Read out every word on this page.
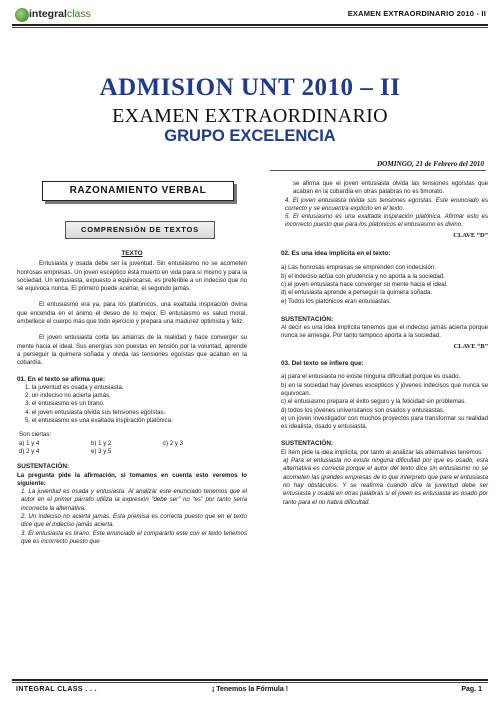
integralclass	EXAMEN EXTRAORDINARIO 2010 - II
ADMISION UNT 2010 – II
EXAMEN EXTRAORDINARIO
GRUPO EXCELENCIA
DOMINGO, 21 de Febrero del 2010
RAZONAMIENTO VERBAL
COMPRENSIÓN DE TEXTOS

TEXTO

Entusiasta y osada debe ser la juventud. Sin entusiasmo no se acometen honrosas empresas. Un joven escéptico está muerto en vida para sí mismo y para la sociedad. Un entusiasta, expuesto a equivocarse, es preferible a un indeciso que no se equivoca nunca. El primero puede acertar, el segundo jamás.

El entusiasmo era ya, para los platónicos, una exaltada inspiración divina que encendía en el ánimo el deseo de lo mejor. El entusiasmo es salud moral, embellece el cuerpo más que todo ejercicio y prepara una madurez optimista y feliz.

El joven entusiasta corta las amarras de la realidad y hace converger su mente hacia el ideal. Sus energías son puestas en tensión por la voluntad, aprende a perseguir la quimera soñada y olvida las tensiones egoístas que acaban en la cobardía.

01. En el texto se afirma que:

1. la juventud es osada y entusiasta.

2. un indeciso no acierta jamás.

3. el entusiasmo es un tirano.

4. el joven entusiasta olvida sus tensiones egoístas.

5. el entusiasmo es una exaltada inspiración platónica.

Son ciertas:

a) 1 y 4	b) 1 y 2	c) 2 y 3
d) 2 y 4	e) 3 y 5

SUSTENTACIÓN:

La pregunta pide la afirmación, si tomamos en cuenta esto veremos lo siguiente:

1. La juventud es osada y entusiasta. Al analizar este enunciado tenemos que el autor en el primer párrafo utiliza la expresión “debe ser” no “es” por tanto sería incorrecta la alternativa.

2. Un indeciso no acierta jamás. Esta premisa es correcta puesto que en el texto dice que el indeciso jamás acierta.

3. El entusiasta es tirano. Este enunciado el compararlo este con el texto tenemos que es incorrecto puesto que

se afirma que el joven entusiasta olvida las tensiones egoístas que acaban en la cobardía en otras palabras no es timorato.

4. El joven entusiasta olvida sus tensiones egoístas. Este enunciado es correcto y se encuentra explícito en el texto.

5. El entusiasmo es una exaltada inspiración platónica. Afirmar esto es incorrecto puesto que para los platónicos el entusiasmo es divino.

CLAVE “D”

02. Es una idea implícita en el texto:

a) Las honrosas empresas se emprenden con indecisión.

b) el indeciso actúa con prudencia y no aporta a la sociedad.

c) el joven entusiasta hace converger su mente hacia el ideal.

d) el entusiasta aprende a perseguir la quimera soñada.

e) Todos los platónicos eran entusiastas.

SUSTENTACIÓN:

Al decir es una idea implícita tenemos que el indeciso jamás acierta porque nunca se arriesga. Por tanto tampoco aporta a la sociedad.

CLAVE “B”

03. Del texto se infiere que:

a) para el entusiasta no existe ninguna dificultad porque es osado.

b) en la sociedad hay jóvenes escépticos y jóvenes indecisos que nunca se equivocan.

c) el entusiasmo prepara el éxito seguro y la felicidad sin problemas.

d) todos los jóvenes universitarios son osados y entusiastas.

e) un joven investigador con muchos proyectos para transformar su realidad es idealista, osado y entusiasta.

SUSTENTACIÓN:

El ítem pide la idea implícita, por tanto al analizar las alternativas tenemos:

a) Para el entusiasta no existe ninguna dificultad por que es osado, esta alternativa es correcta porque el autor del texto dice sin entusiasmo no se acometen las grandes empresas de lo que interpreto que para el entusiasta no hay obstáculos. Y se reafirma cuando dice la juventud debe ser entusiasta y osada en otras palabras si el joven es entusiasta es osado por tanto para el no habrá dificultad.

INTEGRAL CLASS . . .	¡ Tenemos la Fórmula !	Pag. 1
